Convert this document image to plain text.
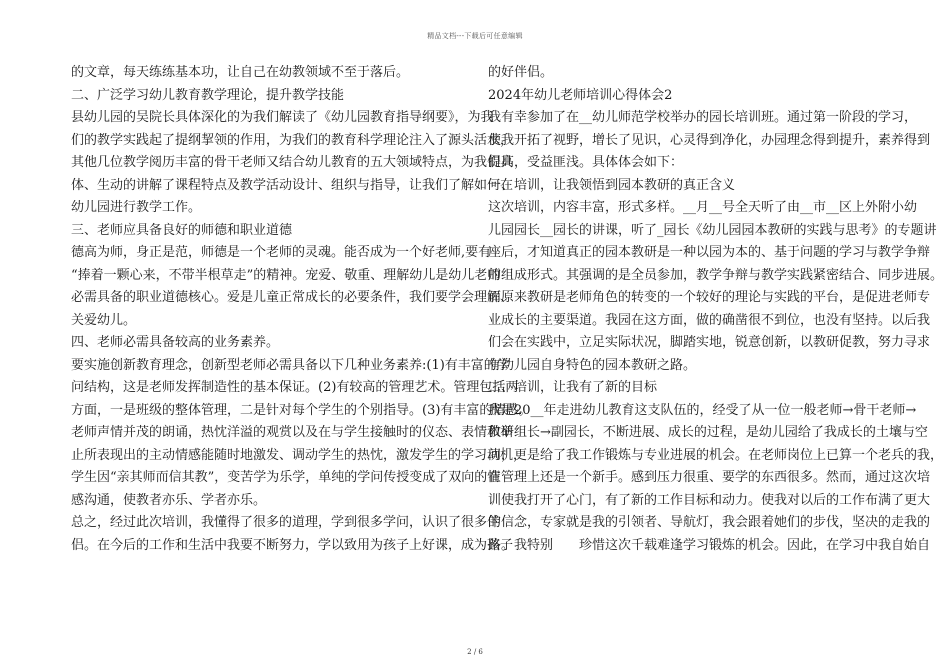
精品文档---下载后可任意编辑
的文章，每天练练基本功，让自己在幼教领域不至于落后。
二、广泛学习幼儿教育教学理论，提升教学技能
县幼儿园的吴院长具体深化的为我们解读了《幼儿园教育指导纲要》，为我
们的教学实践起了提纲挈领的作用，为我们的教育科学理论注入了源头活水，
其他几位教学阅历丰富的骨干老师又结合幼儿教育的五大领域特点，为我们具
体、生动的讲解了课程特点及教学活动设计、组织与指导，让我们了解如何在
幼儿园进行教学工作。
三、老师应具备良好的师德和职业道德
德高为师，身正是范，师德是一个老师的灵魂。能否成为一个好老师,要有
“捧着一颗心来，不带半根草走”的精神。宠爱、敬重、理解幼儿是幼儿老师
必需具备的职业道德核心。爱是儿童正常成长的必要条件，我们要学会理解、
关爱幼儿。
四、老师必需具备较高的业务素养。
要实施创新教育理念，创新型老师必需具备以下几种业务素养:(1)有丰富的学
问结构，这是老师发挥制造性的基本保证。(2)有较高的管理艺术。管理包括两
方面，一是班级的整体管理，二是针对每个学生的个别指导。(3)有丰富的情感。
老师声情并茂的朗诵，热忱洋溢的观赏以及在与学生接触时的仪态、表情和举
止所表现出的主动情感能随时地激发、调动学生的热忱，激发学生的学习动机，
学生因“亲其师而信其教”，变苦学为乐学，单纯的学问传授变成了双向的情
感沟通，使教者亦乐、学者亦乐。
总之，经过此次培训，我懂得了很多的道理，学到很多学问，认识了很多伴
侣。在今后的工作和生活中我要不断努力，学以致用为孩子上好课，成为孩子
的好伴侣。
2024年幼儿老师培训心得体会2
我有幸参加了在__幼儿师范学校举办的园长培训班。通过第一阶段的学习，
使我开拓了视野，增长了见识，心灵得到净化，办园理念得到提升，素养得到
提高，受益匪浅。具体体会如下：
一、培训，让我领悟到园本教研的真正含义
这次培训，内容丰富，形式多样。__月__号全天听了由__市__区上外附小幼
儿园园长__园长的讲课，听了_园长《幼儿园园本教研的实践与思考》的专题讲
座后，才知道真正的园本教研是一种以园为本的、基于问题的学习与教学争辩
的组成形式。其强调的是全员参加，教学争辩与教学实践紧密结合、同步进展。
而原来教研是老师角色的转变的一个较好的理论与实践的平台，是促进老师专
业成长的主要渠道。我园在这方面，做的确凿很不到位，也没有坚持。以后我
们会在实践中，立足实际状况，脚踏实地，锐意创新，以教研促教，努力寻求
有幼儿园自身特色的园本教研之路。
二、培训，让我有了新的目标
我是20__年走进幼儿教育这支队伍的，经受了从一位一般老师→骨干老师→
教研组长→副园长，不断进展、成长的过程，是幼儿园给了我成长的土壤与空
间，更是给了我工作锻炼与专业进展的机会。在老师岗位上已算一个老兵的我，
在管理上还是一个新手。感到压力很重、要学的东西很多。然而，通过这次培
训使我打开了心门，有了新的工作目标和动力。使我对以后的工作布满了更大
的信念，专家就是我的引领者、导航灯，我会跟着她们的步伐，坚决的走我的
路。我特别　　珍惜这次千载难逢学习锻炼的机会。因此，在学习中我自始自
2 / 6
